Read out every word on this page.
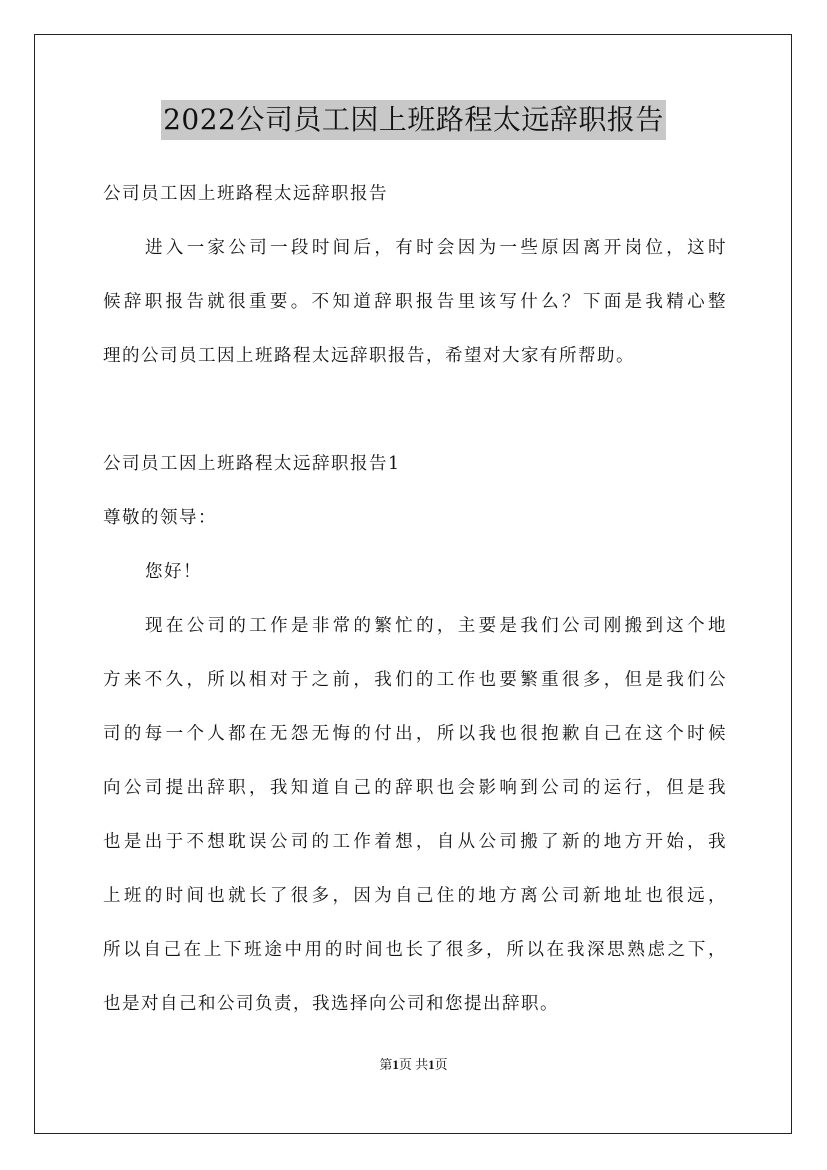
2022公司员工因上班路程太远辞职报告
公司员工因上班路程太远辞职报告
进入一家公司一段时间后，有时会因为一些原因离开岗位，这时
候辞职报告就很重要。不知道辞职报告里该写什么？下面是我精心整
理的公司员工因上班路程太远辞职报告，希望对大家有所帮助。
公司员工因上班路程太远辞职报告1
尊敬的领导：
您好！
现在公司的工作是非常的繁忙的，主要是我们公司刚搬到这个地
方来不久，所以相对于之前，我们的工作也要繁重很多，但是我们公
司的每一个人都在无怨无悔的付出，所以我也很抱歉自己在这个时候
向公司提出辞职，我知道自己的辞职也会影响到公司的运行，但是我
也是出于不想耽误公司的工作着想，自从公司搬了新的地方开始，我
上班的时间也就长了很多，因为自己住的地方离公司新地址也很远，
所以自己在上下班途中用的时间也长了很多，所以在我深思熟虑之下，
也是对自己和公司负责，我选择向公司和您提出辞职。
第1页 共1页
